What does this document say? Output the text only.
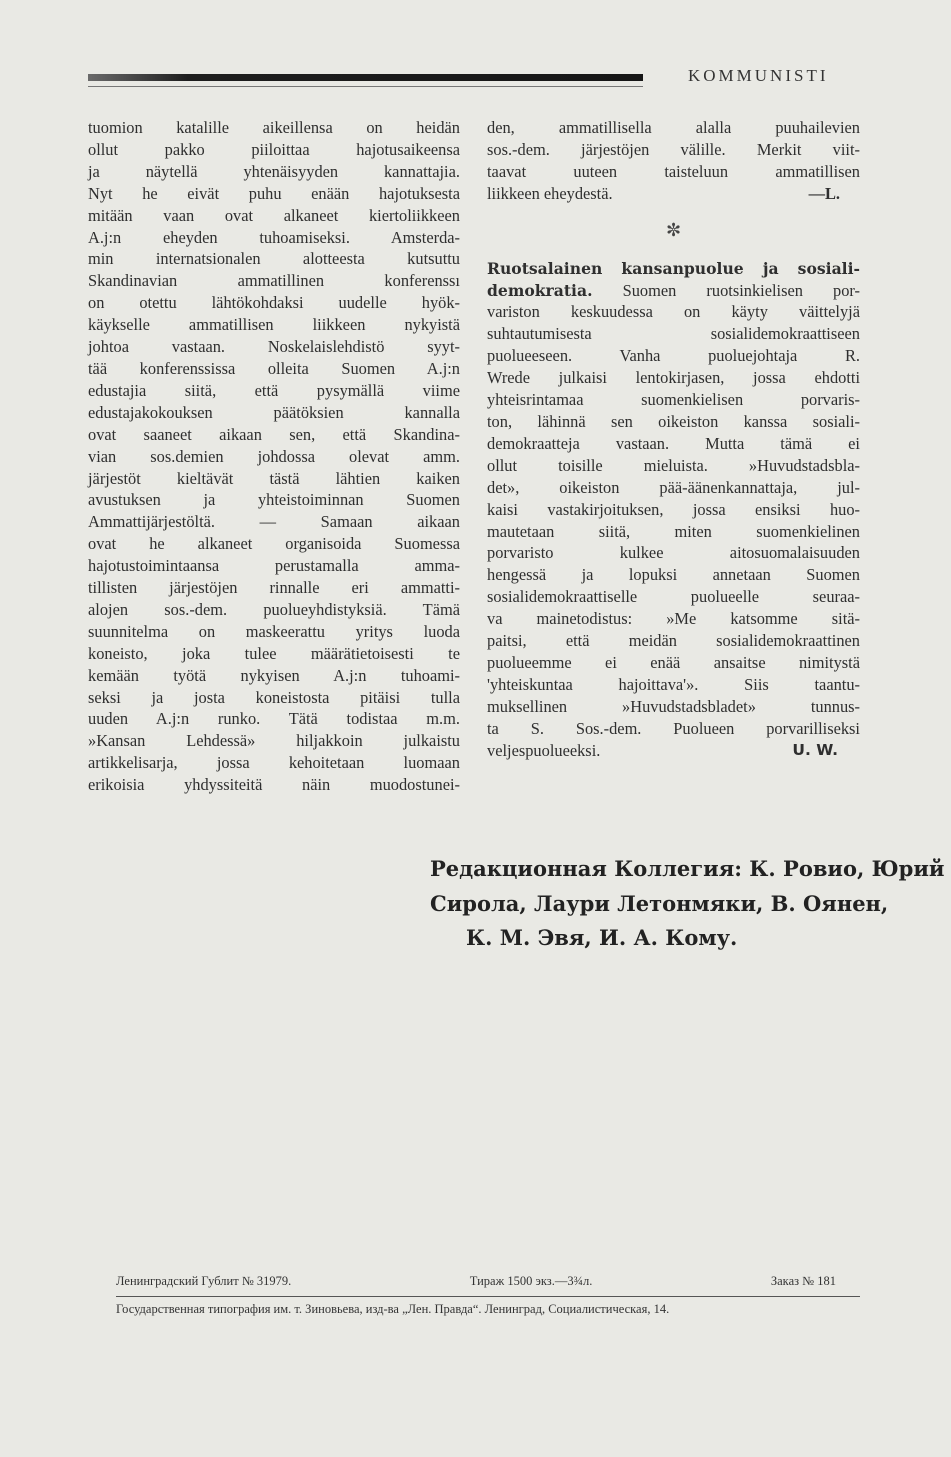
KOMMUNISTI

tuomion katalille aikeillensa on heidän

ollut pakko piiloittaa hajotusaikeensa

ja näytellä yhtenäisyyden kannattajia.

Nyt he eivät puhu enään hajotuksesta

mitään vaan ovat alkaneet kiertoliikkeen

A.j:n eheyden tuhoamiseksi. Amsterda-

min internatsionalen alotteesta kutsuttu

Skandinavian ammatillinen konferenssı

on otettu lähtökohdaksi uudelle hyök-

käykselle ammatillisen liikkeen nykyistä

johtoa vastaan. Noskelaislehdistö syyt-

tää konferenssissa olleita Suomen A.j:n

edustajia siitä, että pysymällä viime

edustajakokouksen päätöksien kannalla

ovat saaneet aikaan sen, että Skandina-

vian sos.demien johdossa olevat amm.

järjestöt kieltävät tästä lähtien kaiken

avustuksen ja yhteistoiminnan Suomen

Ammattijärjestöltä. — Samaan aikaan

ovat he alkaneet organisoida Suomessa

hajotustoimintaansa perustamalla amma-

tillisten järjestöjen rinnalle eri ammatti-

alojen sos.-dem. puolueyhdistyksiä. Tämä

suunnitelma on maskeerattu yritys luoda

koneisto, joka tulee määrätietoisesti te

kemään työtä nykyisen A.j:n tuhoami-

seksi ja josta koneistosta pitäisi tulla

uuden A.j:n runko. Tätä todistaa m.m.

»Kansan Lehdessä» hiljakkoin julkaistu

artikkelisarja, jossa kehoitetaan luomaan

erikoisia yhdyssiteitä näin muodostunei-

den, ammatillisella alalla puuhailevien

sos.-dem. järjestöjen välille. Merkit viit-

taavat uuteen taisteluun ammatillisen

liikkeen eheydestä.	—L.
✼

Ruotsalainen kansanpuolue ja sosiali-

demokratia. Suomen ruotsinkielisen por-

variston keskuudessa on käyty väittelyjä

suhtautumisesta sosialidemokraattiseen

puolueeseen. Vanha puoluejohtaja R.

Wrede julkaisi lentokirjasen, jossa ehdotti

yhteisrintamaa suomenkielisen porvaris-

ton, lähinnä sen oikeiston kanssa sosiali-

demokraatteja vastaan. Mutta tämä ei

ollut toisille mieluista. »Huvudstadsbla-

det», oikeiston pää-äänenkannattaja, jul-

kaisi vastakirjoituksen, jossa ensiksi huo-

mautetaan siitä, miten suomenkielinen

porvaristo kulkee aitosuomalaisuuden

hengessä ja lopuksi annetaan Suomen

sosialidemokraattiselle puolueelle seuraa-

va mainetodistus: »Me katsomme sitä-

paitsi, että meidän sosialidemokraattinen

puolueemme ei enää ansaitse nimitystä

'yhteiskuntaa hajoittava'». Siis taantu-

muksellinen »Huvudstadsbladet» tunnus-

ta S. Sos.-dem. Puolueen porvarilliseksi

veljespuolueeksi.	U. W.
Редакционная Коллегия: К. Ровио, Юрий
Сирола, Лаури Летонмяки, В. Оянен,
К. М. Эвя, И. А. Кому.
Ленинградский Гублит № 31979.	Тираж 1500 экз.—3¾л.	Заказ № 181
Государственная типография им. т. Зиновьева, изд-ва „Лен. Правда“. Ленинград, Социалистическая, 14.
